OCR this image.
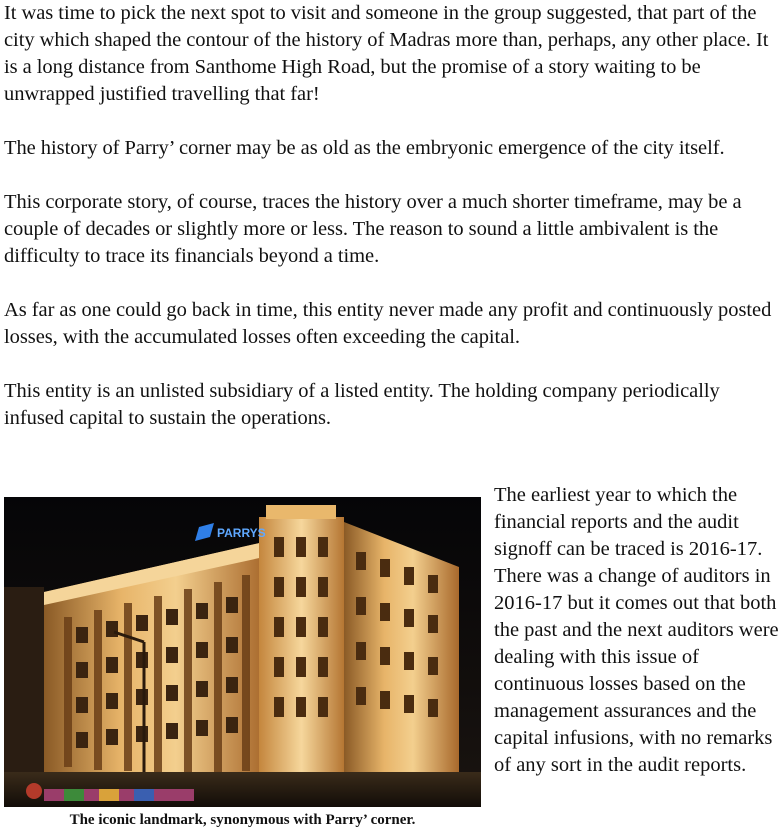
It was time to pick the next spot to visit and someone in the group suggested, that part of the city which shaped the contour of the history of Madras more than, perhaps, any other place. It is a long distance from Santhome High Road, but the promise of a story waiting to be unwrapped justified travelling that far!

The history of Parry’ corner may be as old as the embryonic emergence of the city itself.

This corporate story, of course, traces the history over a much shorter timeframe, may be a couple of decades or slightly more or less. The reason to sound a little ambivalent is the difficulty to trace its financials beyond a time.

As far as one could go back in time, this entity never made any profit and continuously posted losses, with the accumulated losses often exceeding the capital.

This entity is an unlisted subsidiary of a listed entity. The holding company periodically infused capital to sustain the operations.

PARRYS
The iconic landmark, synonymous with Parry’ corner.

The earliest year to which the financial reports and the audit signoff can be traced is 2016-17. There was a change of auditors in 2016-17 but it comes out that both the past and the next auditors were dealing with this issue of continuous losses based on the management assurances and the capital infusions, with no remarks of any sort in the audit reports.
